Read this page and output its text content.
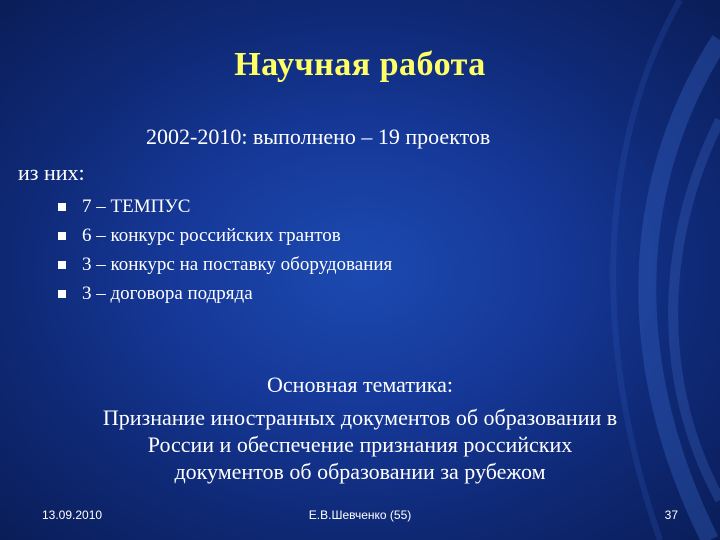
Научная работа
2002-2010: выполнено – 19 проектов
из них:
7 – ТЕМПУС
6 – конкурс российских грантов
3 – конкурс на поставку оборудования
3 – договора подряда
Основная тематика:
Признание иностранных документов об образовании в
России и обеспечение признания российских
документов об образовании за рубежом
13.09.2010	Е.В.Шевченко (55)	37
